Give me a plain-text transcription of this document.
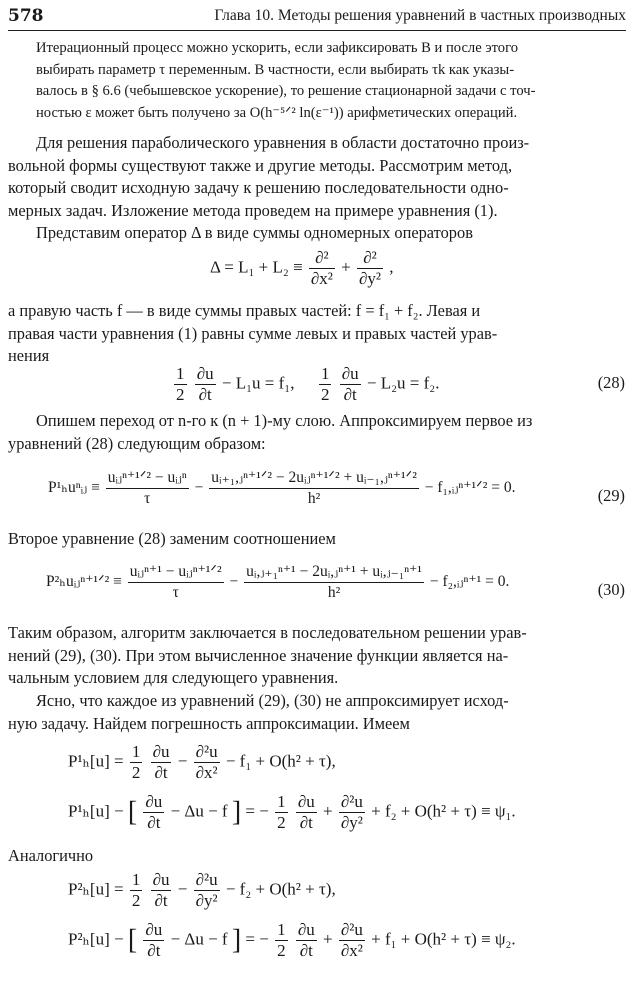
578	Глава 10. Методы решения уравнений в частных производных
Итерационный процесс можно ускорить, если зафиксировать B и после этого
выбирать параметр τ переменным. В частности, если выбирать τk как указы-
валось в § 6.6 (чебышевское ускорение), то решение стационарной задачи с точ-
ностью ε может быть получено за O(h⁻⁵ᐟ² ln(ε⁻¹)) арифметических операций.
Для решения параболического уравнения в области достаточно произ-
вольной формы существуют также и другие методы. Рассмотрим метод,
который сводит исходную задачу к решению последовательности одно-
мерных задач. Изложение метода проведем на примере уравнения (1).
Представим оператор Δ в виде суммы одномерных операторов
$\Delta = L_1 + L_2 \equiv \frac{\text{∂²}}{\text{∂x²}} + \frac{\text{∂²}}{\text{∂y²}}$ ,
а правую часть f — в виде суммы правых частей: f = f₁ + f₂. Левая и
правая части уравнения (1) равны сумме левых и правых частей урав-
нения
$\frac{1}{2}$
$\frac{\partial u}{\partial t} - L_1u = f_1$, $\frac{1}{2}$
$\frac{\partial u}{\partial t} - L_2u = f_2$.	(28)
Опишем переход от n-го к (n + 1)-му слою. Аппроксимируем первое из
уравнений (28) следующим образом:
P¹ₕuⁿᵢⱼ ≡ $\frac{\text{uᵢⱼⁿ⁺¹ᐟ² − uᵢⱼⁿ}}{\tau} - \frac{\text{uᵢ₊₁,ⱼⁿ⁺¹ᐟ² − 2uᵢⱼⁿ⁺¹ᐟ² + uᵢ₋₁,ⱼⁿ⁺¹ᐟ²}}{\text{h²}}$ − f₁,ᵢⱼⁿ⁺¹ᐟ² = 0.	(29)
Второе уравнение (28) заменим соотношением
P²ₕuᵢⱼⁿ⁺¹ᐟ² ≡ $\frac{\text{uᵢⱼⁿ⁺¹ − uᵢⱼⁿ⁺¹ᐟ²}}{\tau} - \frac{\text{uᵢ,ⱼ₊₁ⁿ⁺¹ − 2uᵢ,ⱼⁿ⁺¹ + uᵢ,ⱼ₋₁ⁿ⁺¹}}{\text{h²}}$ − f₂,ᵢⱼⁿ⁺¹ = 0.	(30)
Таким образом, алгоритм заключается в последовательном решении урав-
нений (29), (30). При этом вычисленное значение функции является на-
чальным условием для следующего уравнения.
Ясно, что каждое из уравнений (29), (30) не аппроксимирует исход-
ную задачу. Найдем погрешность аппроксимации. Имеем
$P^1_h[u] = \frac{1}{2}$
$\frac{\partial u}{\partial t} - \frac{\text{∂²u}}{\text{∂x²}} - f_1 + O(h^2 + \tau)$,
P¹ₕ[u] − [ $\frac{\partial u}{\partial t} - \Delta u - f$ ] = − $\frac{1}{2}$
$\frac{\partial u}{\partial t} + \frac{\text{∂²u}}{\text{∂y²}} + f_2 + O(h^2 + \tau) \equiv \psi_1$.
Аналогично
$P^2_h[u] = \frac{1}{2}$
$\frac{\partial u}{\partial t} - \frac{\text{∂²u}}{\text{∂y²}} - f_2 + O(h^2 + \tau)$,
P²ₕ[u] − [ $\frac{\partial u}{\partial t} - \Delta u - f$ ] = − $\frac{1}{2}$
$\frac{\partial u}{\partial t} + \frac{\text{∂²u}}{\text{∂x²}} + f_1 + O(h^2 + \tau) \equiv \psi_2$.
